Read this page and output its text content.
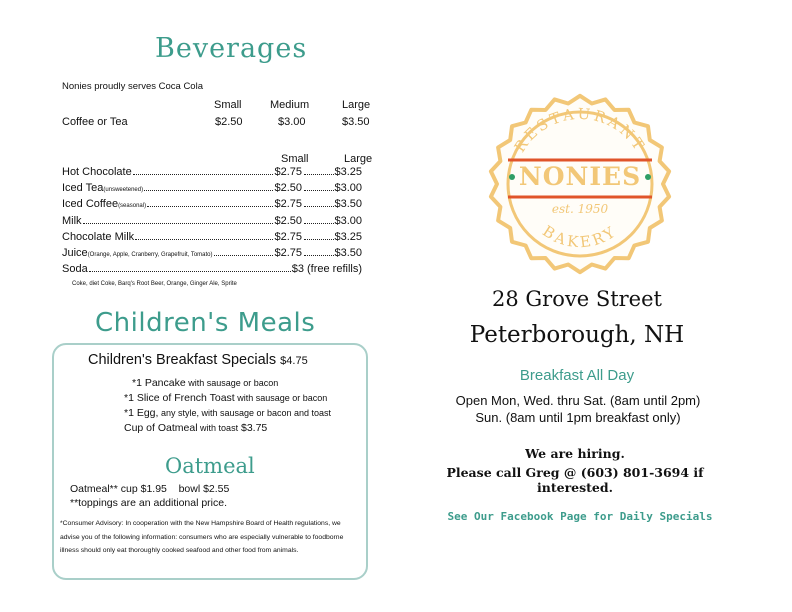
Beverages
Nonies proudly serves Coca Cola
Small	Medium	Large
Coffee or Tea	$2.50	$3.00	$3.50
Small	Large
Hot Chocolate	$2.75	$3.25
Iced Tea (unsweetened)	$2.50	$3.00
Iced Coffee (seasonal)	$2.75	$3.50
Milk	$2.50	$3.00
Chocolate Milk	$2.75	$3.25
Juice (Orange, Apple, Cranberry, Grapefruit, Tomato)	$2.75	$3.50
Soda	$3 (free refills)
Coke, diet Coke, Barq's Root Beer, Orange, Ginger Ale, Sprite
Children's Meals
Children's Breakfast Specials $4.75
*1 Pancake with sausage or bacon
*1 Slice of French Toast with sausage or bacon
*1 Egg, any style, with sausage or bacon and toast
Cup of Oatmeal with toast $3.75
Oatmeal
Oatmeal** cup $1.95    bowl $2.55
**toppings are an additional price.
*Consumer Advisory: In cooperation with the New Hampshire Board of Health regulations, we advise you of the following information: consumers who are especially vulnerable to foodborne illness should only eat thoroughly cooked seafood and other food from animals.
RESTAURANT
NONIES
est. 1950
BAKERY
28 Grove Street
Peterborough, NH
Breakfast All Day
Open Mon, Wed. thru Sat. (8am until 2pm)
Sun. (8am until 1pm breakfast only)
We are hiring.
Please call Greg @ (603) 801-3694 if interested.
See Our Facebook Page for Daily Specials
